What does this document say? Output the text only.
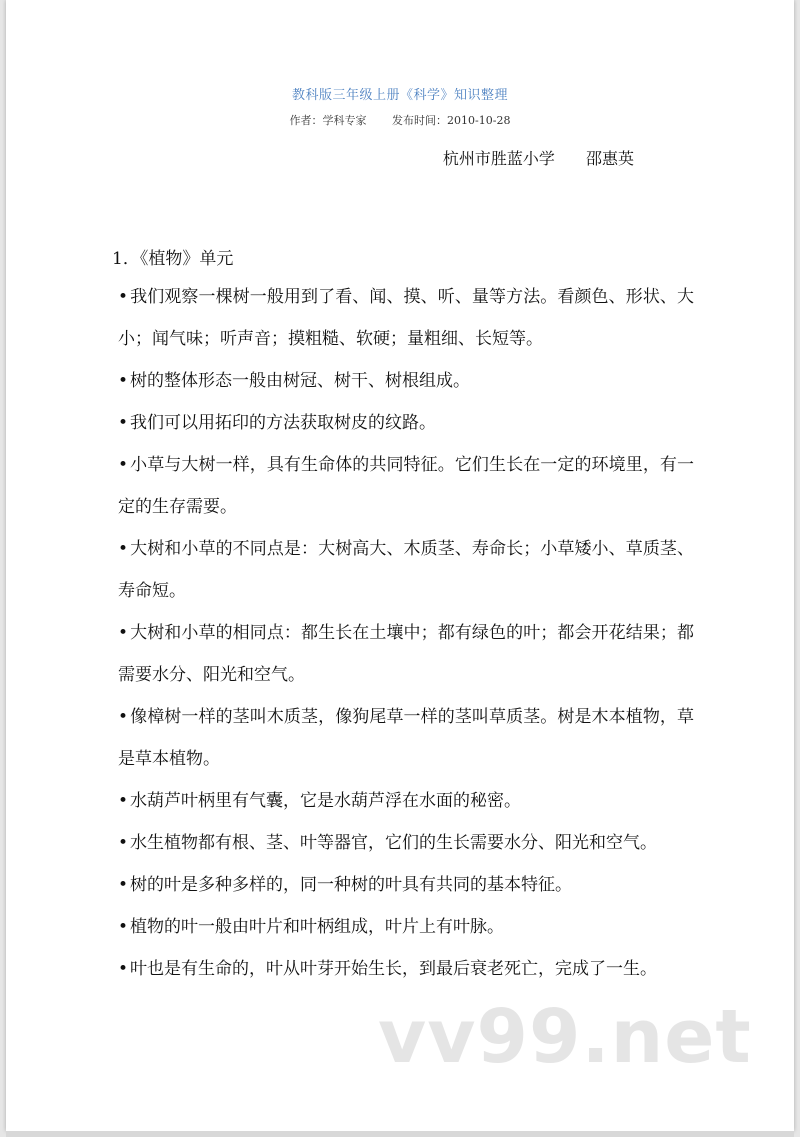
教科版三年级上册《科学》知识整理
作者：学科专家 发布时间：2010-10-28
杭州市胜蓝小学 邵惠英
1．《植物》单元

• 我们观察一棵树一般用到了看、闻、摸、听、量等方法。看颜色、形状、大小；闻气味；听声音；摸粗糙、软硬；量粗细、长短等。

• 树的整体形态一般由树冠、树干、树根组成。

• 我们可以用拓印的方法获取树皮的纹路。

• 小草与大树一样，具有生命体的共同特征。它们生长在一定的环境里，有一定的生存需要。

• 大树和小草的不同点是：大树高大、木质茎、寿命长；小草矮小、草质茎、寿命短。

• 大树和小草的相同点：都生长在土壤中；都有绿色的叶；都会开花结果；都需要水分、阳光和空气。

• 像樟树一样的茎叫木质茎，像狗尾草一样的茎叫草质茎。树是木本植物，草是草本植物。

• 水葫芦叶柄里有气囊，它是水葫芦浮在水面的秘密。

• 水生植物都有根、茎、叶等器官，它们的生长需要水分、阳光和空气。

• 树的叶是多种多样的，同一种树的叶具有共同的基本特征。

• 植物的叶一般由叶片和叶柄组成，叶片上有叶脉。

• 叶也是有生命的，叶从叶芽开始生长，到最后衰老死亡，完成了一生。

vv99.net
